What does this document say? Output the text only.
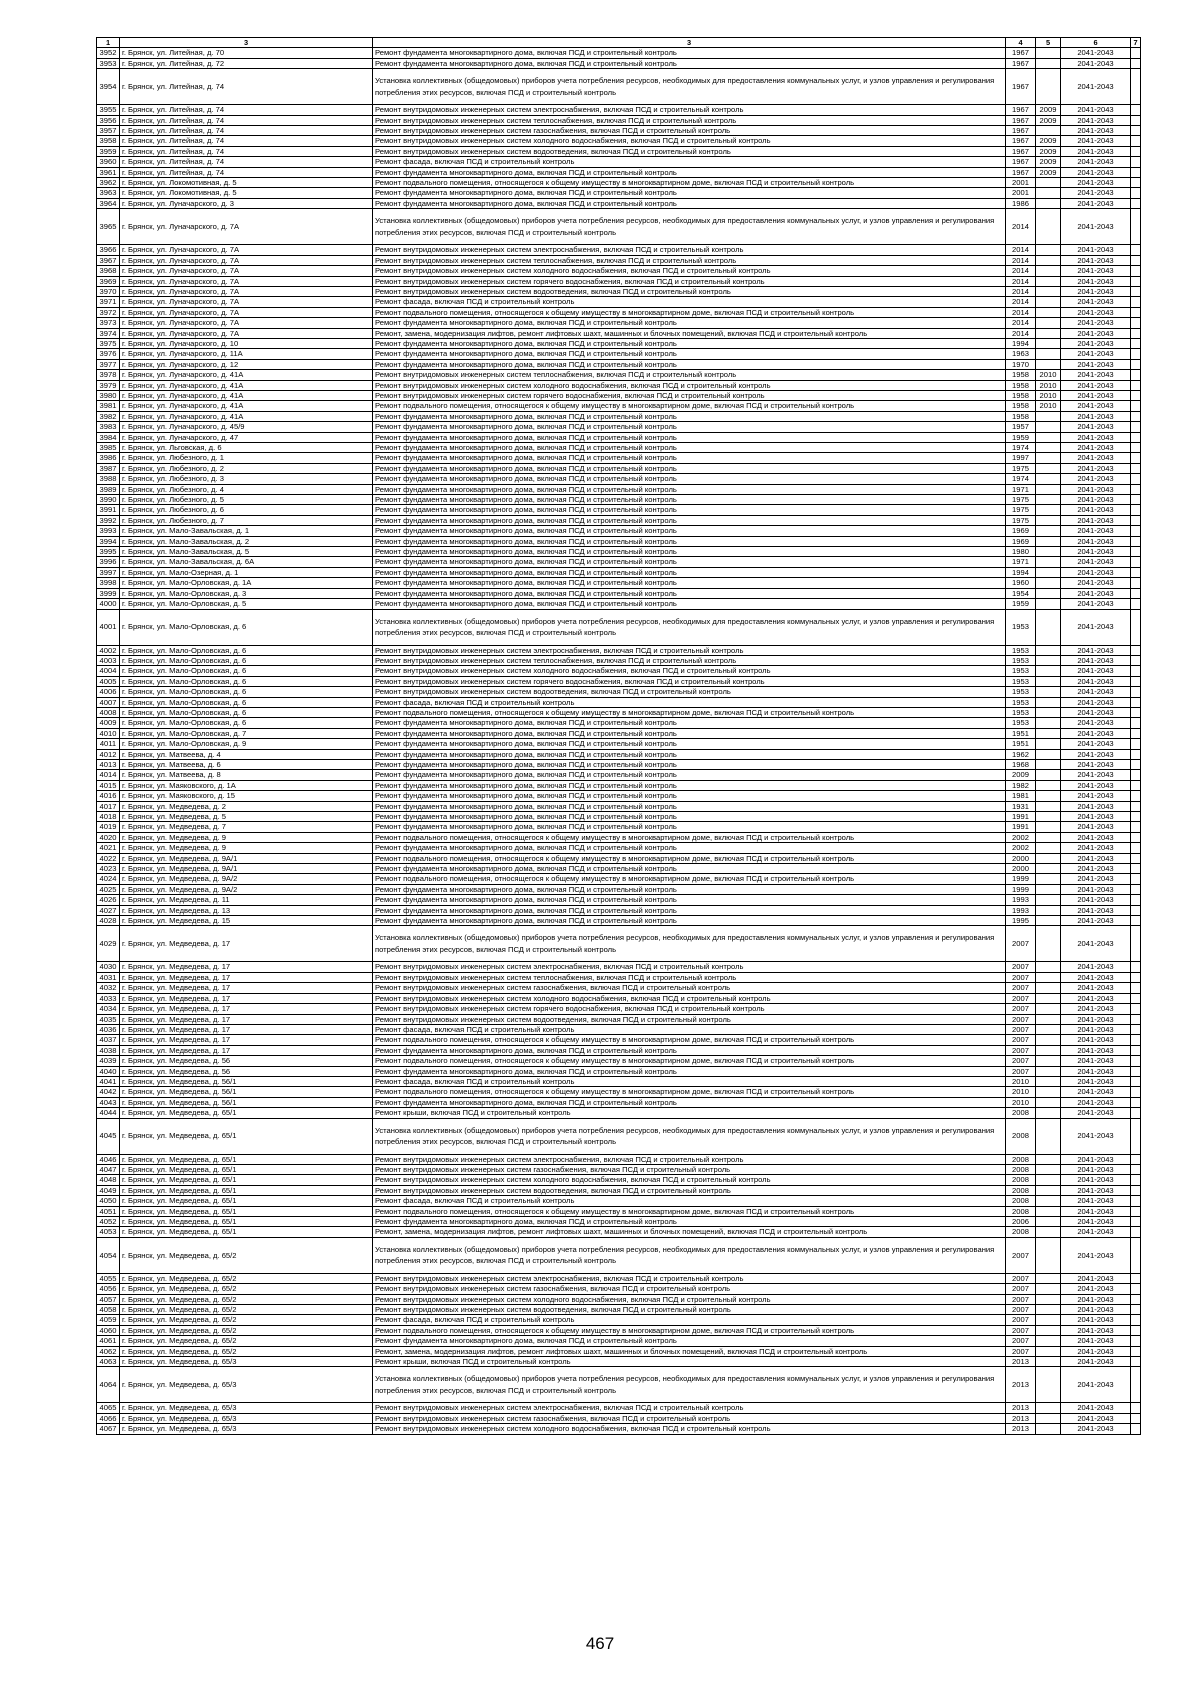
1	3	3	4	5	6	7
3952	г. Брянск, ул. Литейная, д. 70	Ремонт фундамента многоквартирного дома, включая ПСД и строительный контроль	1967		2041-2043	
3953	г. Брянск, ул. Литейная, д. 72	Ремонт фундамента многоквартирного дома, включая ПСД и строительный контроль	1967		2041-2043	
3954	г. Брянск, ул. Литейная, д. 74	Установка коллективных (общедомовых) приборов учета потребления ресурсов, необходимых для предоставления коммунальных услуг, и узлов управления и регулирования потребления этих ресурсов, включая ПСД и строительный контроль	1967		2041-2043	
3955	г. Брянск, ул. Литейная, д. 74	Ремонт внутридомовых инженерных систем электроснабжения, включая ПСД и строительный контроль	1967	2009	2041-2043	
3956	г. Брянск, ул. Литейная, д. 74	Ремонт внутридомовых инженерных систем теплоснабжения, включая ПСД и строительный контроль	1967	2009	2041-2043	
3957	г. Брянск, ул. Литейная, д. 74	Ремонт внутридомовых инженерных систем газоснабжения, включая ПСД и строительный контроль	1967		2041-2043	
3958	г. Брянск, ул. Литейная, д. 74	Ремонт внутридомовых инженерных систем холодного водоснабжения, включая ПСД и строительный контроль	1967	2009	2041-2043	
3959	г. Брянск, ул. Литейная, д. 74	Ремонт внутридомовых инженерных систем водоотведения, включая ПСД и строительный контроль	1967	2009	2041-2043	
3960	г. Брянск, ул. Литейная, д. 74	Ремонт фасада, включая ПСД и строительный контроль	1967	2009	2041-2043	
3961	г. Брянск, ул. Литейная, д. 74	Ремонт фундамента многоквартирного дома, включая ПСД и строительный контроль	1967	2009	2041-2043	
3962	г. Брянск, ул. Локомотивная, д. 5	Ремонт подвального помещения, относящегося к общему имуществу в многоквартирном доме, включая ПСД и строительный контроль	2001		2041-2043	
3963	г. Брянск, ул. Локомотивная, д. 5	Ремонт фундамента многоквартирного дома, включая ПСД и строительный контроль	2001		2041-2043	
3964	г. Брянск, ул. Луначарского, д. 3	Ремонт фундамента многоквартирного дома, включая ПСД и строительный контроль	1986		2041-2043	
3965	г. Брянск, ул. Луначарского, д. 7А	Установка коллективных (общедомовых) приборов учета потребления ресурсов, необходимых для предоставления коммунальных услуг, и узлов управления и регулирования потребления этих ресурсов, включая ПСД и строительный контроль	2014		2041-2043	
3966	г. Брянск, ул. Луначарского, д. 7А	Ремонт внутридомовых инженерных систем электроснабжения, включая ПСД и строительный контроль	2014		2041-2043	
3967	г. Брянск, ул. Луначарского, д. 7А	Ремонт внутридомовых инженерных систем теплоснабжения, включая ПСД и строительный контроль	2014		2041-2043	
3968	г. Брянск, ул. Луначарского, д. 7А	Ремонт внутридомовых инженерных систем холодного водоснабжения, включая ПСД и строительный контроль	2014		2041-2043	
3969	г. Брянск, ул. Луначарского, д. 7А	Ремонт внутридомовых инженерных систем горячего водоснабжения, включая ПСД и строительный контроль	2014		2041-2043	
3970	г. Брянск, ул. Луначарского, д. 7А	Ремонт внутридомовых инженерных систем водоотведения, включая ПСД и строительный контроль	2014		2041-2043	
3971	г. Брянск, ул. Луначарского, д. 7А	Ремонт фасада, включая ПСД и строительный контроль	2014		2041-2043	
3972	г. Брянск, ул. Луначарского, д. 7А	Ремонт подвального помещения, относящегося к общему имуществу в многоквартирном доме, включая ПСД и строительный контроль	2014		2041-2043	
3973	г. Брянск, ул. Луначарского, д. 7А	Ремонт фундамента многоквартирного дома, включая ПСД и строительный контроль	2014		2041-2043	
3974	г. Брянск, ул. Луначарского, д. 7А	Ремонт, замена, модернизация лифтов, ремонт лифтовых шахт, машинных и блочных помещений, включая ПСД и строительный контроль	2014		2041-2043	
3975	г. Брянск, ул. Луначарского, д. 10	Ремонт фундамента многоквартирного дома, включая ПСД и строительный контроль	1994		2041-2043	
3976	г. Брянск, ул. Луначарского, д. 11А	Ремонт фундамента многоквартирного дома, включая ПСД и строительный контроль	1963		2041-2043	
3977	г. Брянск, ул. Луначарского, д. 12	Ремонт фундамента многоквартирного дома, включая ПСД и строительный контроль	1970		2041-2043	
3978	г. Брянск, ул. Луначарского, д. 41А	Ремонт внутридомовых инженерных систем теплоснабжения, включая ПСД и строительный контроль	1958	2010	2041-2043	
3979	г. Брянск, ул. Луначарского, д. 41А	Ремонт внутридомовых инженерных систем холодного водоснабжения, включая ПСД и строительный контроль	1958	2010	2041-2043	
3980	г. Брянск, ул. Луначарского, д. 41А	Ремонт внутридомовых инженерных систем горячего водоснабжения, включая ПСД и строительный контроль	1958	2010	2041-2043	
3981	г. Брянск, ул. Луначарского, д. 41А	Ремонт подвального помещения, относящегося к общему имуществу в многоквартирном доме, включая ПСД и строительный контроль	1958	2010	2041-2043	
3982	г. Брянск, ул. Луначарского, д. 41А	Ремонт фундамента многоквартирного дома, включая ПСД и строительный контроль	1958		2041-2043	
3983	г. Брянск, ул. Луначарского, д. 45/9	Ремонт фундамента многоквартирного дома, включая ПСД и строительный контроль	1957		2041-2043	
3984	г. Брянск, ул. Луначарского, д. 47	Ремонт фундамента многоквартирного дома, включая ПСД и строительный контроль	1959		2041-2043	
3985	г. Брянск, ул. Льговская, д. 6	Ремонт фундамента многоквартирного дома, включая ПСД и строительный контроль	1974		2041-2043	
3986	г. Брянск, ул. Любезного, д. 1	Ремонт фундамента многоквартирного дома, включая ПСД и строительный контроль	1997		2041-2043	
3987	г. Брянск, ул. Любезного, д. 2	Ремонт фундамента многоквартирного дома, включая ПСД и строительный контроль	1975		2041-2043	
3988	г. Брянск, ул. Любезного, д. 3	Ремонт фундамента многоквартирного дома, включая ПСД и строительный контроль	1974		2041-2043	
3989	г. Брянск, ул. Любезного, д. 4	Ремонт фундамента многоквартирного дома, включая ПСД и строительный контроль	1971		2041-2043	
3990	г. Брянск, ул. Любезного, д. 5	Ремонт фундамента многоквартирного дома, включая ПСД и строительный контроль	1975		2041-2043	
3991	г. Брянск, ул. Любезного, д. 6	Ремонт фундамента многоквартирного дома, включая ПСД и строительный контроль	1975		2041-2043	
3992	г. Брянск, ул. Любезного, д. 7	Ремонт фундамента многоквартирного дома, включая ПСД и строительный контроль	1975		2041-2043	
3993	г. Брянск, ул. Мало-Завальская, д. 1	Ремонт фундамента многоквартирного дома, включая ПСД и строительный контроль	1969		2041-2043	
3994	г. Брянск, ул. Мало-Завальская, д. 2	Ремонт фундамента многоквартирного дома, включая ПСД и строительный контроль	1969		2041-2043	
3995	г. Брянск, ул. Мало-Завальская, д. 5	Ремонт фундамента многоквартирного дома, включая ПСД и строительный контроль	1980		2041-2043	
3996	г. Брянск, ул. Мало-Завальская, д. 6А	Ремонт фундамента многоквартирного дома, включая ПСД и строительный контроль	1971		2041-2043	
3997	г. Брянск, ул. Мало-Озерная, д. 1	Ремонт фундамента многоквартирного дома, включая ПСД и строительный контроль	1994		2041-2043	
3998	г. Брянск, ул. Мало-Орловская, д. 1А	Ремонт фундамента многоквартирного дома, включая ПСД и строительный контроль	1960		2041-2043	
3999	г. Брянск, ул. Мало-Орловская, д. 3	Ремонт фундамента многоквартирного дома, включая ПСД и строительный контроль	1954		2041-2043	
4000	г. Брянск, ул. Мало-Орловская, д. 5	Ремонт фундамента многоквартирного дома, включая ПСД и строительный контроль	1959		2041-2043	
4001	г. Брянск, ул. Мало-Орловская, д. 6	Установка коллективных (общедомовых) приборов учета потребления ресурсов, необходимых для предоставления коммунальных услуг, и узлов управления и регулирования потребления этих ресурсов, включая ПСД и строительный контроль	1953		2041-2043	
4002	г. Брянск, ул. Мало-Орловская, д. 6	Ремонт внутридомовых инженерных систем электроснабжения, включая ПСД и строительный контроль	1953		2041-2043	
4003	г. Брянск, ул. Мало-Орловская, д. 6	Ремонт внутридомовых инженерных систем теплоснабжения, включая ПСД и строительный контроль	1953		2041-2043	
4004	г. Брянск, ул. Мало-Орловская, д. 6	Ремонт внутридомовых инженерных систем холодного водоснабжения, включая ПСД и строительный контроль	1953		2041-2043	
4005	г. Брянск, ул. Мало-Орловская, д. 6	Ремонт внутридомовых инженерных систем горячего водоснабжения, включая ПСД и строительный контроль	1953		2041-2043	
4006	г. Брянск, ул. Мало-Орловская, д. 6	Ремонт внутридомовых инженерных систем водоотведения, включая ПСД и строительный контроль	1953		2041-2043	
4007	г. Брянск, ул. Мало-Орловская, д. 6	Ремонт фасада, включая ПСД и строительный контроль	1953		2041-2043	
4008	г. Брянск, ул. Мало-Орловская, д. 6	Ремонт подвального помещения, относящегося к общему имуществу в многоквартирном доме, включая ПСД и строительный контроль	1953		2041-2043	
4009	г. Брянск, ул. Мало-Орловская, д. 6	Ремонт фундамента многоквартирного дома, включая ПСД и строительный контроль	1953		2041-2043	
4010	г. Брянск, ул. Мало-Орловская, д. 7	Ремонт фундамента многоквартирного дома, включая ПСД и строительный контроль	1951		2041-2043	
4011	г. Брянск, ул. Мало-Орловская, д. 9	Ремонт фундамента многоквартирного дома, включая ПСД и строительный контроль	1951		2041-2043	
4012	г. Брянск, ул. Матвеева, д. 4	Ремонт фундамента многоквартирного дома, включая ПСД и строительный контроль	1962		2041-2043	
4013	г. Брянск, ул. Матвеева, д. 6	Ремонт фундамента многоквартирного дома, включая ПСД и строительный контроль	1968		2041-2043	
4014	г. Брянск, ул. Матвеева, д. 8	Ремонт фундамента многоквартирного дома, включая ПСД и строительный контроль	2009		2041-2043	
4015	г. Брянск, ул. Маяковского, д. 1А	Ремонт фундамента многоквартирного дома, включая ПСД и строительный контроль	1982		2041-2043	
4016	г. Брянск, ул. Маяковского, д. 15	Ремонт фундамента многоквартирного дома, включая ПСД и строительный контроль	1981		2041-2043	
4017	г. Брянск, ул. Медведева, д. 2	Ремонт фундамента многоквартирного дома, включая ПСД и строительный контроль	1931		2041-2043	
4018	г. Брянск, ул. Медведева, д. 5	Ремонт фундамента многоквартирного дома, включая ПСД и строительный контроль	1991		2041-2043	
4019	г. Брянск, ул. Медведева, д. 7	Ремонт фундамента многоквартирного дома, включая ПСД и строительный контроль	1991		2041-2043	
4020	г. Брянск, ул. Медведева, д. 9	Ремонт подвального помещения, относящегося к общему имуществу в многоквартирном доме, включая ПСД и строительный контроль	2002		2041-2043	
4021	г. Брянск, ул. Медведева, д. 9	Ремонт фундамента многоквартирного дома, включая ПСД и строительный контроль	2002		2041-2043	
4022	г. Брянск, ул. Медведева, д. 9А/1	Ремонт подвального помещения, относящегося к общему имуществу в многоквартирном доме, включая ПСД и строительный контроль	2000		2041-2043	
4023	г. Брянск, ул. Медведева, д. 9А/1	Ремонт фундамента многоквартирного дома, включая ПСД и строительный контроль	2000		2041-2043	
4024	г. Брянск, ул. Медведева, д. 9А/2	Ремонт подвального помещения, относящегося к общему имуществу в многоквартирном доме, включая ПСД и строительный контроль	1999		2041-2043	
4025	г. Брянск, ул. Медведева, д. 9А/2	Ремонт фундамента многоквартирного дома, включая ПСД и строительный контроль	1999		2041-2043	
4026	г. Брянск, ул. Медведева, д. 11	Ремонт фундамента многоквартирного дома, включая ПСД и строительный контроль	1993		2041-2043	
4027	г. Брянск, ул. Медведева, д. 13	Ремонт фундамента многоквартирного дома, включая ПСД и строительный контроль	1993		2041-2043	
4028	г. Брянск, ул. Медведева, д. 15	Ремонт фундамента многоквартирного дома, включая ПСД и строительный контроль	1995		2041-2043	
4029	г. Брянск, ул. Медведева, д. 17	Установка коллективных (общедомовых) приборов учета потребления ресурсов, необходимых для предоставления коммунальных услуг, и узлов управления и регулирования потребления этих ресурсов, включая ПСД и строительный контроль	2007		2041-2043	
4030	г. Брянск, ул. Медведева, д. 17	Ремонт внутридомовых инженерных систем электроснабжения, включая ПСД и строительный контроль	2007		2041-2043	
4031	г. Брянск, ул. Медведева, д. 17	Ремонт внутридомовых инженерных систем теплоснабжения, включая ПСД и строительный контроль	2007		2041-2043	
4032	г. Брянск, ул. Медведева, д. 17	Ремонт внутридомовых инженерных систем газоснабжения, включая ПСД и строительный контроль	2007		2041-2043	
4033	г. Брянск, ул. Медведева, д. 17	Ремонт внутридомовых инженерных систем холодного водоснабжения, включая ПСД и строительный контроль	2007		2041-2043	
4034	г. Брянск, ул. Медведева, д. 17	Ремонт внутридомовых инженерных систем горячего водоснабжения, включая ПСД и строительный контроль	2007		2041-2043	
4035	г. Брянск, ул. Медведева, д. 17	Ремонт внутридомовых инженерных систем водоотведения, включая ПСД и строительный контроль	2007		2041-2043	
4036	г. Брянск, ул. Медведева, д. 17	Ремонт фасада, включая ПСД и строительный контроль	2007		2041-2043	
4037	г. Брянск, ул. Медведева, д. 17	Ремонт подвального помещения, относящегося к общему имуществу в многоквартирном доме, включая ПСД и строительный контроль	2007		2041-2043	
4038	г. Брянск, ул. Медведева, д. 17	Ремонт фундамента многоквартирного дома, включая ПСД и строительный контроль	2007		2041-2043	
4039	г. Брянск, ул. Медведева, д. 56	Ремонт подвального помещения, относящегося к общему имуществу в многоквартирном доме, включая ПСД и строительный контроль	2007		2041-2043	
4040	г. Брянск, ул. Медведева, д. 56	Ремонт фундамента многоквартирного дома, включая ПСД и строительный контроль	2007		2041-2043	
4041	г. Брянск, ул. Медведева, д. 56/1	Ремонт фасада, включая ПСД и строительный контроль	2010		2041-2043	
4042	г. Брянск, ул. Медведева, д. 56/1	Ремонт подвального помещения, относящегося к общему имуществу в многоквартирном доме, включая ПСД и строительный контроль	2010		2041-2043	
4043	г. Брянск, ул. Медведева, д. 56/1	Ремонт фундамента многоквартирного дома, включая ПСД и строительный контроль	2010		2041-2043	
4044	г. Брянск, ул. Медведева, д. 65/1	Ремонт крыши, включая ПСД и строительный контроль	2008		2041-2043	
4045	г. Брянск, ул. Медведева, д. 65/1	Установка коллективных (общедомовых) приборов учета потребления ресурсов, необходимых для предоставления коммунальных услуг, и узлов управления и регулирования потребления этих ресурсов, включая ПСД и строительный контроль	2008		2041-2043	
4046	г. Брянск, ул. Медведева, д. 65/1	Ремонт внутридомовых инженерных систем электроснабжения, включая ПСД и строительный контроль	2008		2041-2043	
4047	г. Брянск, ул. Медведева, д. 65/1	Ремонт внутридомовых инженерных систем газоснабжения, включая ПСД и строительный контроль	2008		2041-2043	
4048	г. Брянск, ул. Медведева, д. 65/1	Ремонт внутридомовых инженерных систем холодного водоснабжения, включая ПСД и строительный контроль	2008		2041-2043	
4049	г. Брянск, ул. Медведева, д. 65/1	Ремонт внутридомовых инженерных систем водоотведения, включая ПСД и строительный контроль	2008		2041-2043	
4050	г. Брянск, ул. Медведева, д. 65/1	Ремонт фасада, включая ПСД и строительный контроль	2008		2041-2043	
4051	г. Брянск, ул. Медведева, д. 65/1	Ремонт подвального помещения, относящегося к общему имуществу в многоквартирном доме, включая ПСД и строительный контроль	2008		2041-2043	
4052	г. Брянск, ул. Медведева, д. 65/1	Ремонт фундамента многоквартирного дома, включая ПСД и строительный контроль	2006		2041-2043	
4053	г. Брянск, ул. Медведева, д. 65/1	Ремонт, замена, модернизация лифтов, ремонт лифтовых шахт, машинных и блочных помещений, включая ПСД и строительный контроль	2008		2041-2043	
4054	г. Брянск, ул. Медведева, д. 65/2	Установка коллективных (общедомовых) приборов учета потребления ресурсов, необходимых для предоставления коммунальных услуг, и узлов управления и регулирования потребления этих ресурсов, включая ПСД и строительный контроль	2007		2041-2043	
4055	г. Брянск, ул. Медведева, д. 65/2	Ремонт внутридомовых инженерных систем электроснабжения, включая ПСД и строительный контроль	2007		2041-2043	
4056	г. Брянск, ул. Медведева, д. 65/2	Ремонт внутридомовых инженерных систем газоснабжения, включая ПСД и строительный контроль	2007		2041-2043	
4057	г. Брянск, ул. Медведева, д. 65/2	Ремонт внутридомовых инженерных систем холодного водоснабжения, включая ПСД и строительный контроль	2007		2041-2043	
4058	г. Брянск, ул. Медведева, д. 65/2	Ремонт внутридомовых инженерных систем водоотведения, включая ПСД и строительный контроль	2007		2041-2043	
4059	г. Брянск, ул. Медведева, д. 65/2	Ремонт фасада, включая ПСД и строительный контроль	2007		2041-2043	
4060	г. Брянск, ул. Медведева, д. 65/2	Ремонт подвального помещения, относящегося к общему имуществу в многоквартирном доме, включая ПСД и строительный контроль	2007		2041-2043	
4061	г. Брянск, ул. Медведева, д. 65/2	Ремонт фундамента многоквартирного дома, включая ПСД и строительный контроль	2007		2041-2043	
4062	г. Брянск, ул. Медведева, д. 65/2	Ремонт, замена, модернизация лифтов, ремонт лифтовых шахт, машинных и блочных помещений, включая ПСД и строительный контроль	2007		2041-2043	
4063	г. Брянск, ул. Медведева, д. 65/3	Ремонт крыши, включая ПСД и строительный контроль	2013		2041-2043	
4064	г. Брянск, ул. Медведева, д. 65/3	Установка коллективных (общедомовых) приборов учета потребления ресурсов, необходимых для предоставления коммунальных услуг, и узлов управления и регулирования потребления этих ресурсов, включая ПСД и строительный контроль	2013		2041-2043	
4065	г. Брянск, ул. Медведева, д. 65/3	Ремонт внутридомовых инженерных систем электроснабжения, включая ПСД и строительный контроль	2013		2041-2043	
4066	г. Брянск, ул. Медведева, д. 65/3	Ремонт внутридомовых инженерных систем газоснабжения, включая ПСД и строительный контроль	2013		2041-2043	
4067	г. Брянск, ул. Медведева, д. 65/3	Ремонт внутридомовых инженерных систем холодного водоснабжения, включая ПСД и строительный контроль	2013		2041-2043	
467
